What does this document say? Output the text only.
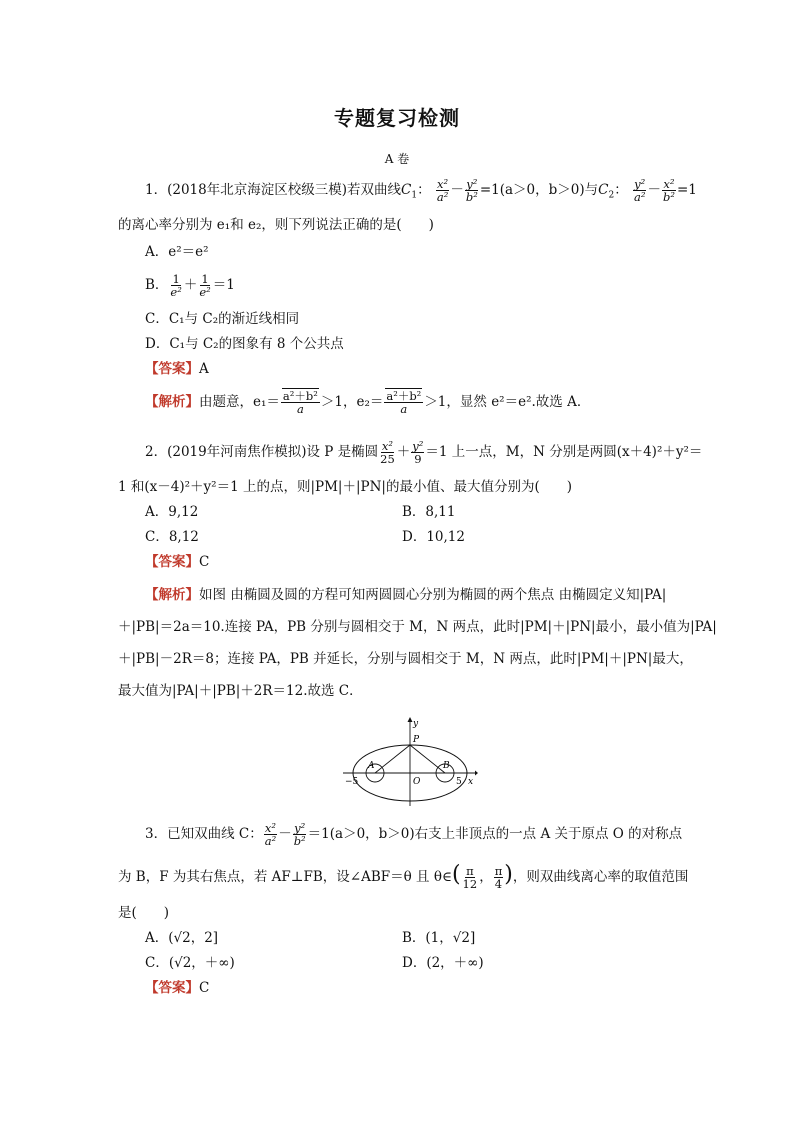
专题复习检测
A 卷
1．(2018年北京海淀区校级三模)若双曲线$C_1$： $\frac{\text{x²}}{\text{a²}} - \frac{\text{y²}}{\text{b²}} =1(a>0$，b＞0)与$C_2$： $\frac{\text{y²}}{\text{a²}} - \frac{\text{x²}}{\text{b²}} =1$
的离心率分别为 e₁和 e₂，则下列说法正确的是(　　)
A．e²＝e²
B． $\frac{1}{\text{e²}} + \frac{1}{\text{e²}} =1$
C．C₁与 C₂的渐近线相同
D．C₁与 C₂的图象有 8 个公共点
【答案】A
【解析】由题意，$e_1= \frac{\text{a²＋b²}}{a} >1$，$e_2= \frac{\text{a²＋b²}}{a} >1$，显然 e²＝e².故选 A．
2．(2019年河南焦作模拟)设 P 是椭圆 $\frac{\text{x²}}{25} + \frac{\text{y²}}{9} =1$ 上一点，M，N 分别是两圆(x＋4)²＋y²＝
1 和(x－4)²＋y²＝1 上的点，则|PM|＋|PN|的最小值、最大值分别为(　　)
A．9,12	B．8,11
C．8,12	D．10,12
【答案】C
【解析】如图 由椭圆及圆的方程可知两圆圆心分别为椭圆的两个焦点 由椭圆定义知|PA|
＋|PB|＝2a＝10.连接 PA，PB 分别与圆相交于 M，N 两点，此时|PM|＋|PN|最小，最小值为|PA|
＋|PB|－2R＝8；连接 PA，PB 并延长，分别与圆相交于 M，N 两点，此时|PM|＋|PN|最大，
最大值为|PA|＋|PB|＋2R＝12.故选 C．
y
P
A	B
O	x
−5	5
3．已知双曲线 C： $\frac{\text{x²}}{\text{a²}} - \frac{\text{y²}}{\text{b²}} =1(a>0$，b＞0)右支上非顶点的一点 A 关于原点 O 的对称点
为 B，F 为其右焦点，若 AF⊥FB，设∠ABF＝θ 且 θ∈( $\frac{\pi}{12}$ ， $\frac{\pi}{4}$ )，则双曲线离心率的取值范围
是(　　)
A．(√2，2]	B．(1，√2]
C．(√2，＋∞)	D．(2，＋∞)
【答案】C
